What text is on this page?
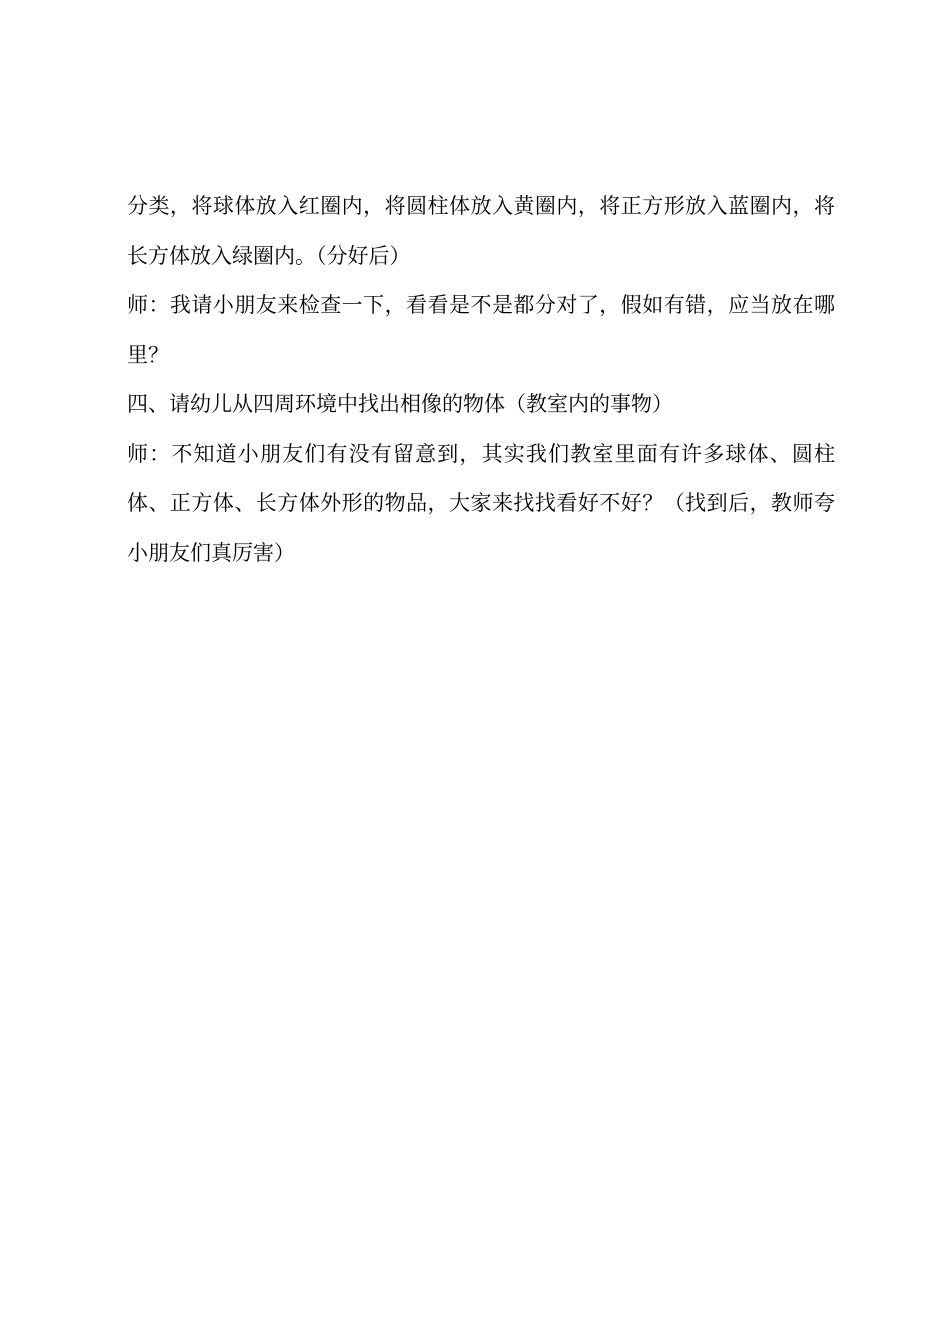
分类，将球体放入红圈内，将圆柱体放入黄圈内，将正方形放入蓝圈内，将长方体放入绿圈内。（分好后）

师：我请小朋友来检查一下，看看是不是都分对了，假如有错，应当放在哪里？

四、请幼儿从四周环境中找出相像的物体（教室内的事物）

师：不知道小朋友们有没有留意到，其实我们教室里面有许多球体、圆柱体、正方体、长方体外形的物品，大家来找找看好不好？（找到后，教师夸小朋友们真厉害）
